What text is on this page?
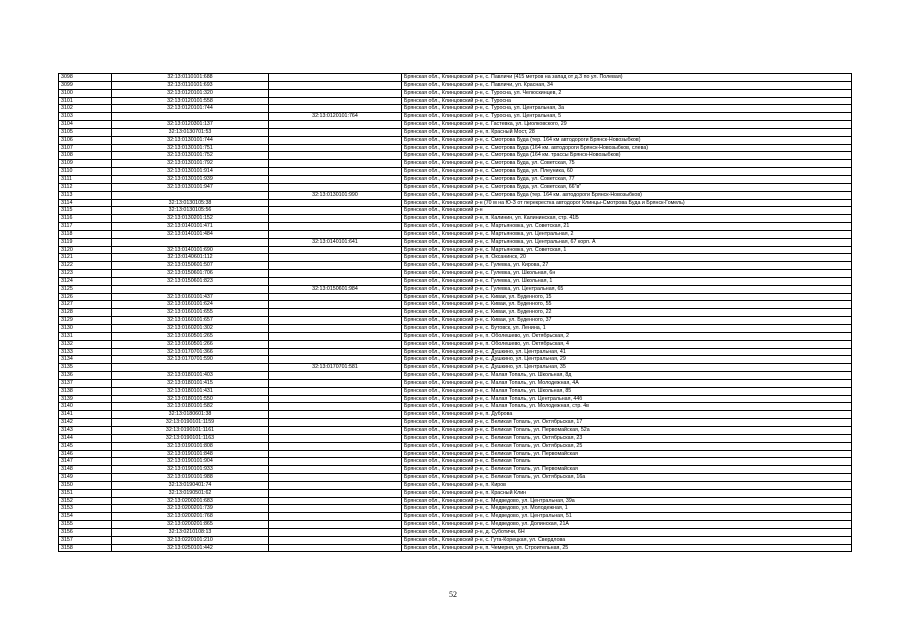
3098	32:13:0110101:688		Брянская обл., Клинцовский р-н, с. Павличи (415 метров на запад от д.3 по ул. Полевая)
3099	32:13:0110101:693		Брянская обл., Клинцовский р-н, с. Павличи, ул. Красная, 34
3100	32:13:0120101:320		Брянская обл., Клинцовский р-н, с. Туросна, ул. Челюскинцев, 2
3101	32:13:0120101:558		Брянская обл., Клинцовский р-н, с. Туросна
3102	32:13:0120101:744		Брянская обл., Клинцовский р-н, с. Туросна, ул. Центральная, 3а
3103		32:13:0120101:764	Брянская обл., Клинцовский р-н, с. Туросна, ул. Центральная, 5
3104	32:13:0120301:137		Брянская обл., Клинцовский р-н, с. Гастевка, ул. Циолковского, 29
3105	32:13:0130701:53		Брянская обл., Клинцовский р-н, п. Красный Мост, 28
3106	32:13:0130101:744		Брянская обл., Клинцовский р-н, с. Смотрова Буда (тер. 164 км автодороги Брянск-Новозыбков)
3107	32:13:0130101:751		Брянская обл., Клинцовский р-н, с. Смотрова Буда (164 км. автодороги Брянск-Новозыбков, слева)
3108	32:13:0130101:752		Брянская обл., Клинцовский р-н, с. Смотрова Буда (164 км. трассы Брянск-Новозыбков)
3109	32:13:0130101:792		Брянская обл., Клинцовский р-н, с. Смотрова Буда, ул. Советская, 75
3110	32:13:0130101:914		Брянская обл., Клинцовский р-н, с. Смотрова Буда, ул. Плеуника, 60
3111	32:13:0130101:939		Брянская обл., Клинцовский р-н, с. Смотрова Буда, ул. Советская, 77
3112	32:13:0130101:947		Брянская обл., Клинцовский р-н, с. Смотрова Буда, ул. Советская, 66"в"
3113		32:13:0130101:990	Брянская обл., Клинцовский р-н, с. Смотрова Буда (тер. 164 км. автодороги Брянск-Новозыбков)
3114	32:13:0130105:38		Брянская обл., Клинцовский р-н (70 м на Ю-З от перекрестка автодорог Клинцы-Смотрова Буда и Брянск-Гомель)
3115	32:13:0130105:56		Брянская обл., Клинцовский р-н
3116	32:13:0130201:152		Брянская обл., Клинцовский р-н, п. Калинин, ул. Калининская, стр. 41Б
3117	32:13:0140101:471		Брянская обл., Клинцовский р-н, с. Мартьяновка, ул. Советская, 21
3118	32:13:0140101:484		Брянская обл., Клинцовский р-н, с. Мартьяновка, ул. Центральная, 2
3119		32:13:0140101:641	Брянская обл., Клинцовский р-н, с. Мартьяновка, ул. Центральная, 67 корп. А
3120	32:13:0140101:690		Брянская обл., Клинцовский р-н, с. Мартьяновка, ул. Советская, 1
3121	32:13:0140601:112		Брянская обл., Клинцовский р-н, п. Оксанинск, 20
3122	32:13:0150601:507		Брянская обл., Клинцовский р-н, с. Гулевка, ул. Кирова, 27
3123	32:13:0150601:706		Брянская обл., Клинцовский р-н, с. Гулевка, ул. Школьная, 6н
3124	32:13:0150601:823		Брянская обл., Клинцовский р-н, с. Гулевка, ул. Школьная, 1
3125		32:13:0150601:984	Брянская обл., Клинцовский р-н, с. Гулевка, ул. Центральная, 65
3126	32:13:0160101:437		Брянская обл., Клинцовский р-н, с. Киваи, ул. Буденного, 15
3127	32:13:0160101:624		Брянская обл., Клинцовский р-н, с. Киваи, ул. Буденного, 55
3128	32:13:0160101:655		Брянская обл., Клинцовский р-н, с. Киваи, ул. Буденного, 22
3129	32:13:0160101:657		Брянская обл., Клинцовский р-н, с. Киваи, ул. Буденного, 37
3130	32:13:0160201:302		Брянская обл., Клинцовский р-н, с. Бутовск, ул. Ленина, 1
3131	32:13:0160501:265		Брянская обл., Клинцовский р-н, п. Оболешево, ул. Октябрьская, 2
3132	32:13:0160501:266		Брянская обл., Клинцовский р-н, п. Оболешево, ул. Октябрьская, 4
3133	32:13:0170701:366		Брянская обл., Клинцовский р-н, с. Душкино, ул. Центральная, 41
3134	32:13:0170701:590		Брянская обл., Клинцовский р-н, с. Душкино, ул. Центральная, 29
3135		32:13:0170701:581	Брянская обл., Клинцовский р-н, с. Душкино, ул. Центральная, 35
3136	32:13:0180101:403		Брянская обл., Клинцовский р-н, с. Малая Топаль, ул. Школьная, 8д
3137	32:13:0180101:415		Брянская обл., Клинцовский р-н, с. Малая Топаль, ул. Молодежная, 4А
3138	32:13:0180101:431		Брянская обл., Клинцовский р-н, с. Малая Топаль, ул. Школьная, 85
3139	32:13:0180101:550		Брянская обл., Клинцовский р-н, с. Малая Топаль, ул. Центральная, 44б
3140	32:13:0180101:582		Брянская обл., Клинцовский р-н, с. Малая Топаль, ул. Молодежная, стр. 4в
3141	32:13:0180601:38		Брянская обл., Клинцовский р-н, п. Дуброва
3142	32:13:0190101:1159		Брянская обл., Клинцовский р-н, с. Великая Топаль, ул. Октябрьская, 17
3143	32:13:0190101:1161		Брянская обл., Клинцовский р-н, с. Великая Топаль, ул. Первомайская, 52а
3144	32:13:0190101:1163		Брянская обл., Клинцовский р-н, с. Великая Топаль, ул. Октябрьская, 23
3145	32:13:0190101:808		Брянская обл., Клинцовский р-н, с. Великая Топаль, ул. Октябрьская, 25
3146	32:13:0190101:848		Брянская обл., Клинцовский р-н, с. Великая Топаль, ул. Первомайская
3147	32:13:0190101:904		Брянская обл., Клинцовский р-н, с. Великая Топаль
3148	32:13:0190101:933		Брянская обл., Клинцовский р-н, с. Великая Топаль, ул. Первомайская
3149	32:13:0190101:988		Брянская обл., Клинцовский р-н, с. Великая Топаль, ул. Октябрьская, 16а
3150	32:13:0190401:74		Брянская обл., Клинцовский р-н, п. Киров
3151	32:13:0190501:62		Брянская обл., Клинцовский р-н, п. Красный Клин
3152	32:13:0200201:683		Брянская обл., Клинцовский р-н, с. Медведово, ул. Центральная, 39а
3153	32:13:0200201:739		Брянская обл., Клинцовский р-н, с. Медведово, ул. Молодежная, 1
3154	32:13:0200201:768		Брянская обл., Клинцовский р-н, с. Медведово, ул. Центральная, 51
3155	32:13:0200201:865		Брянская обл., Клинцовский р-н, с. Медведово, ул. Долинская, 21А
3156	32:13:0210108:13		Брянская обл., Клинцовский р-н, д. Суботичи, 6Н
3157	32:13:0220101:210		Брянская обл., Клинцовский р-н, с. Гута-Корецкая, ул. Свердлова
3158	32:13:0250101:442		Брянская обл., Клинцовский р-н, п. Чемерня, ул. Строительная, 25
52
